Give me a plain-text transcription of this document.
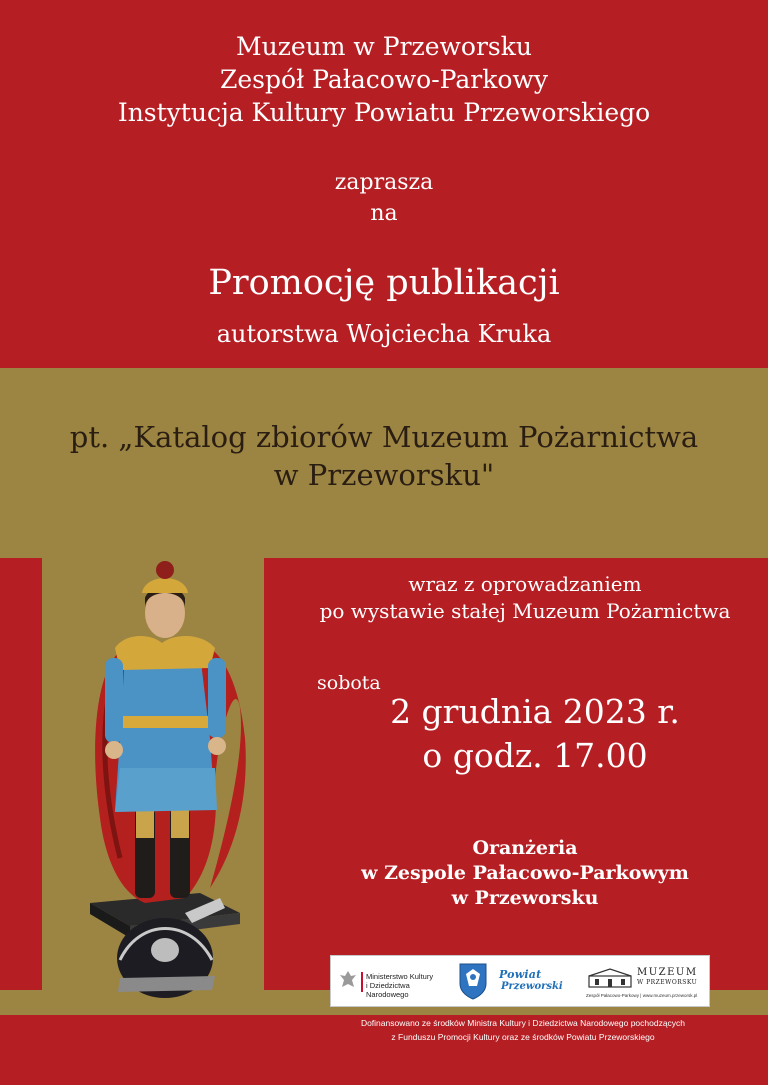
Muzeum w Przeworsku
Zespół Pałacowo-Parkowy
Instytucja Kultury Powiatu Przeworskiego
zaprasza
na
Promocję publikacji
autorstwa Wojciecha Kruka
pt. „Katalog zbiorów Muzeum Pożarnictwa
w Przeworsku"
wraz z oprowadzaniem
po wystawie stałej Muzeum Pożarnictwa
sobota
2 grudnia 2023 r.
o godz. 17.00
Oranżeria
w Zespole Pałacowo-Parkowym
w Przeworsku
Ministerstwo Kultury
i Dziedzictwa Narodowego
Powiat
Przeworski
MUZEUM
W PRZEWORSKU
Zespół Pałacowo-Parkowy | www.muzeum.przeworsk.pl
Dofinansowano ze środków Ministra Kultury i Dziedzictwa Narodowego pochodzących
z Funduszu Promocji Kultury oraz ze środków Powiatu Przeworskiego
